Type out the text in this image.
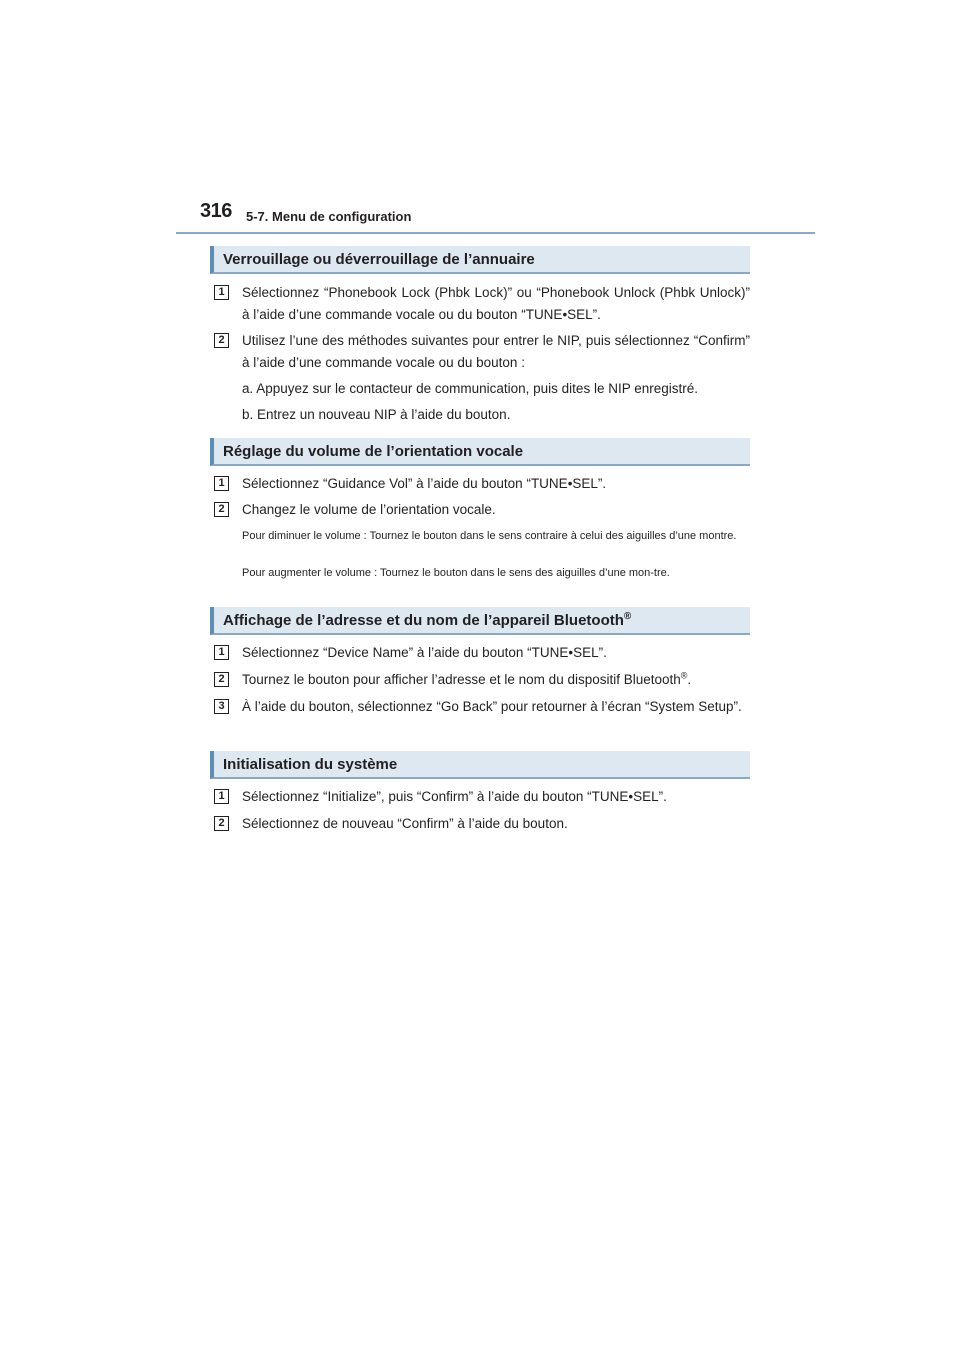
316 5-7. Menu de configuration
Verrouillage ou déverrouillage de l’annuaire
1	Sélectionnez “Phonebook Lock (Phbk Lock)” ou “Phonebook Unlock (Phbk Unlock)” à l’aide d’une commande vocale ou du bouton “TUNE•SEL”.
2	Utilisez l’une des méthodes suivantes pour entrer le NIP, puis sélectionnez “Confirm” à l’aide d’une commande vocale ou du bouton :
a. Appuyez sur le contacteur de communication, puis dites le NIP enregistré.
b. Entrez un nouveau NIP à l’aide du bouton.
Réglage du volume de l’orientation vocale
1	Sélectionnez “Guidance Vol” à l’aide du bouton “TUNE•SEL”.
2	Changez le volume de l’orientation vocale.
Pour diminuer le volume : Tournez le bouton dans le sens contraire à celui des aiguilles d’une montre.
Pour augmenter le volume : Tournez le bouton dans le sens des aiguilles d’une mon-tre.
Affichage de l’adresse et du nom de l’appareil Bluetooth®
1	Sélectionnez “Device Name” à l’aide du bouton “TUNE•SEL”.
2	Tournez le bouton pour afficher l’adresse et le nom du dispositif Bluetooth®.
3	À l’aide du bouton, sélectionnez “Go Back” pour retourner à l’écran “System Setup”.
Initialisation du système
1	Sélectionnez “Initialize”, puis “Confirm” à l’aide du bouton “TUNE•SEL”.
2	Sélectionnez de nouveau “Confirm” à l’aide du bouton.
